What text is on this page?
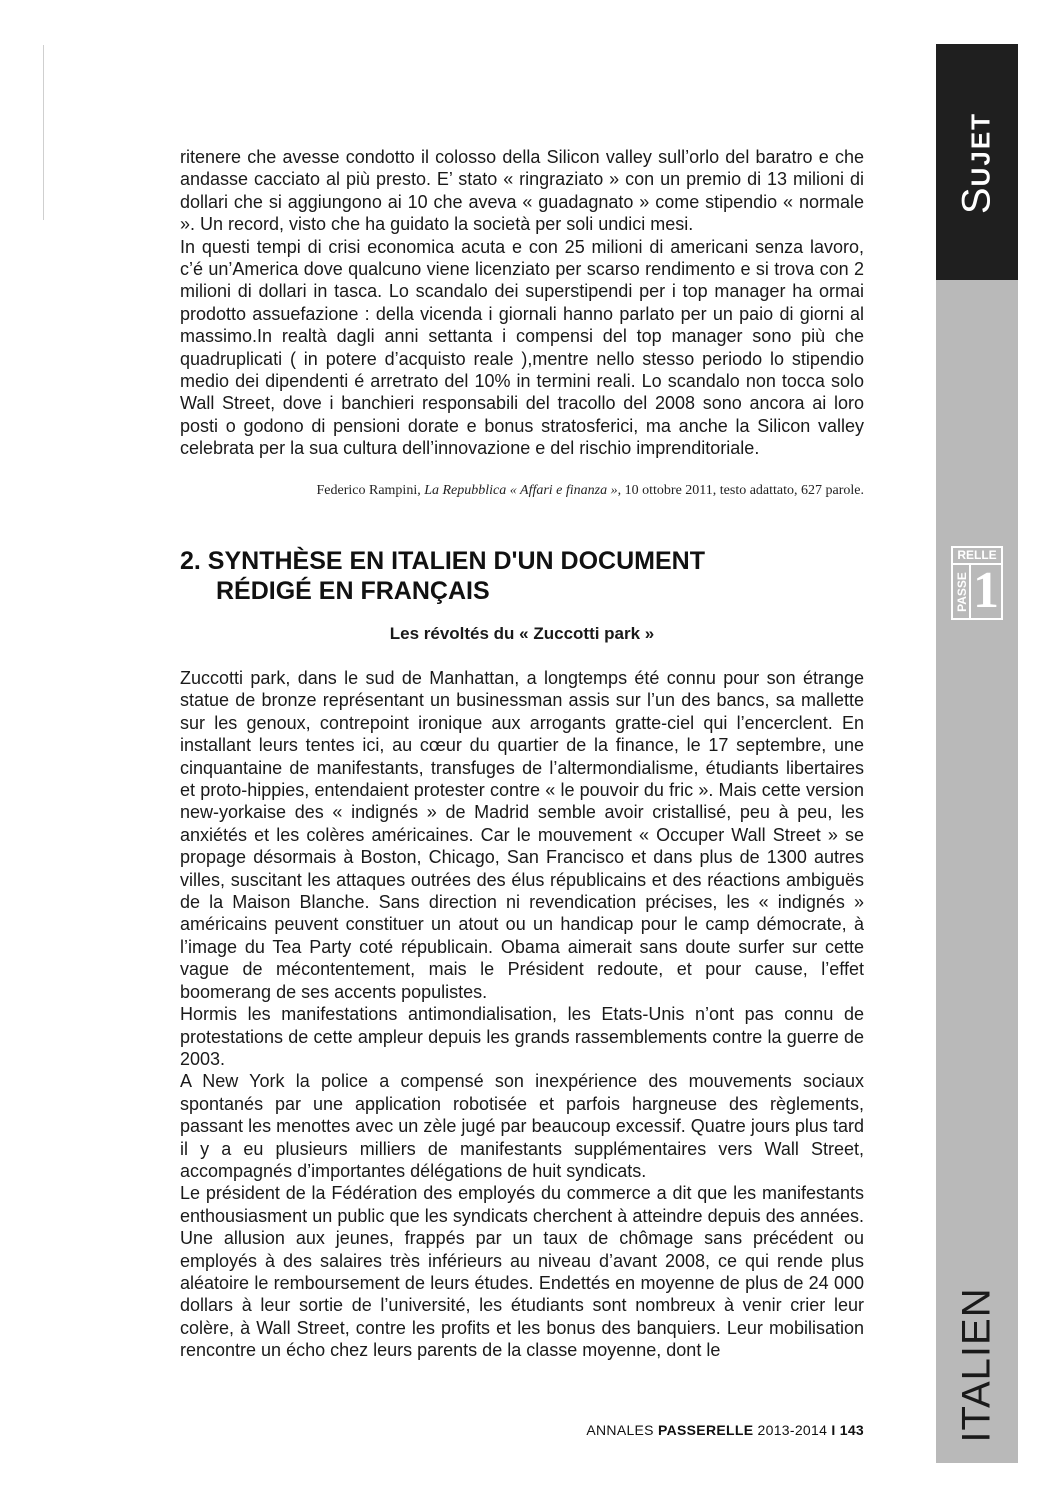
SUJET
RELLE
PASSE 1
ITALIEN

ritenere che avesse condotto il colosso della Silicon valley sull’orlo del baratro e che andasse cacciato al più presto. E’ stato « ringraziato » con un premio di 13 milioni di dollari che si aggiungono ai 10 che aveva « guadagnato » come stipendio « normale ». Un record, visto che ha guidato la società per soli undici mesi.

In questi tempi di crisi economica acuta e con 25 milioni di americani senza lavoro, c’é un’America dove qualcuno viene licenziato per scarso rendimento e si trova con 2 milioni di dollari in tasca. Lo scandalo dei superstipendi per i top manager ha ormai prodotto assuefazione : della vicenda i giornali hanno parlato per un paio di giorni al massimo.In realtà dagli anni settanta i compensi del top manager sono più che quadruplicati ( in potere d’acquisto reale ),mentre nello stesso periodo lo stipendio medio dei dipendenti é arretrato del 10% in termini reali. Lo scandalo non tocca solo Wall Street, dove i banchieri responsabili del tracollo del 2008 sono ancora ai loro posti o godono di pensioni dorate e bonus stratosferici, ma anche la Silicon valley celebrata per la sua cultura dell’innovazione e del rischio imprenditoriale.

Federico Rampini, La Repubblica « Affari e finanza », 10 ottobre 2011, testo adattato, 627 parole.
2. SYNTHÈSE EN ITALIEN D'UN DOCUMENT
RÉDIGÉ EN FRANÇAIS

Les révoltés du « Zuccotti park »

Zuccotti park, dans le sud de Manhattan, a longtemps été connu pour son étrange statue de bronze représentant un businessman assis sur l’un des bancs, sa mallette sur les genoux, contrepoint ironique aux arrogants gratte-ciel qui l’encerclent. En installant leurs tentes ici, au cœur du quartier de la finance, le 17 septembre, une cinquantaine de manifestants, transfuges de l’altermondialisme, étudiants libertaires et proto-hippies, entendaient protester contre « le pouvoir du fric ». Mais cette version new-yorkaise des « indignés » de Madrid semble avoir cristallisé, peu à peu, les anxiétés et les colères américaines. Car le mouvement « Occuper Wall Street » se propage désormais à Boston, Chicago, San Francisco et dans plus de 1300 autres villes, suscitant les attaques outrées des élus républicains et des réactions ambiguës de la Maison Blanche. Sans direction ni revendication précises, les « indignés » américains peuvent constituer un atout ou un handicap pour le camp démocrate, à l’image du Tea Party coté républicain. Obama aimerait sans doute surfer sur cette vague de mécontentement, mais le Président redoute, et pour cause, l’effet boomerang de ses accents populistes.

Hormis les manifestations antimondialisation, les Etats-Unis n’ont pas connu de protestations de cette ampleur depuis les grands rassemblements contre la guerre de 2003.

A New York la police a compensé son inexpérience des mouvements sociaux spontanés par une application robotisée et parfois hargneuse des règlements, passant les menottes avec un zèle jugé par beaucoup excessif. Quatre jours plus tard il y a eu plusieurs milliers de manifestants supplémentaires vers Wall Street, accompagnés d’importantes délégations de huit syndicats.

Le président de la Fédération des employés du commerce a dit que les manifestants enthousiasment un public que les syndicats cherchent à atteindre depuis des années. Une allusion aux jeunes, frappés par un taux de chômage sans précédent ou employés à des salaires très inférieurs au niveau d’avant 2008, ce qui rende plus aléatoire le remboursement de leurs études. Endettés en moyenne de plus de 24 000 dollars à leur sortie de l’université, les étudiants sont nombreux à venir crier leur colère, à Wall Street, contre les profits et les bonus des banquiers. Leur mobilisation rencontre un écho chez leurs parents de la classe moyenne, dont le

ANNALES PASSERELLE 2013-2014 I 143
